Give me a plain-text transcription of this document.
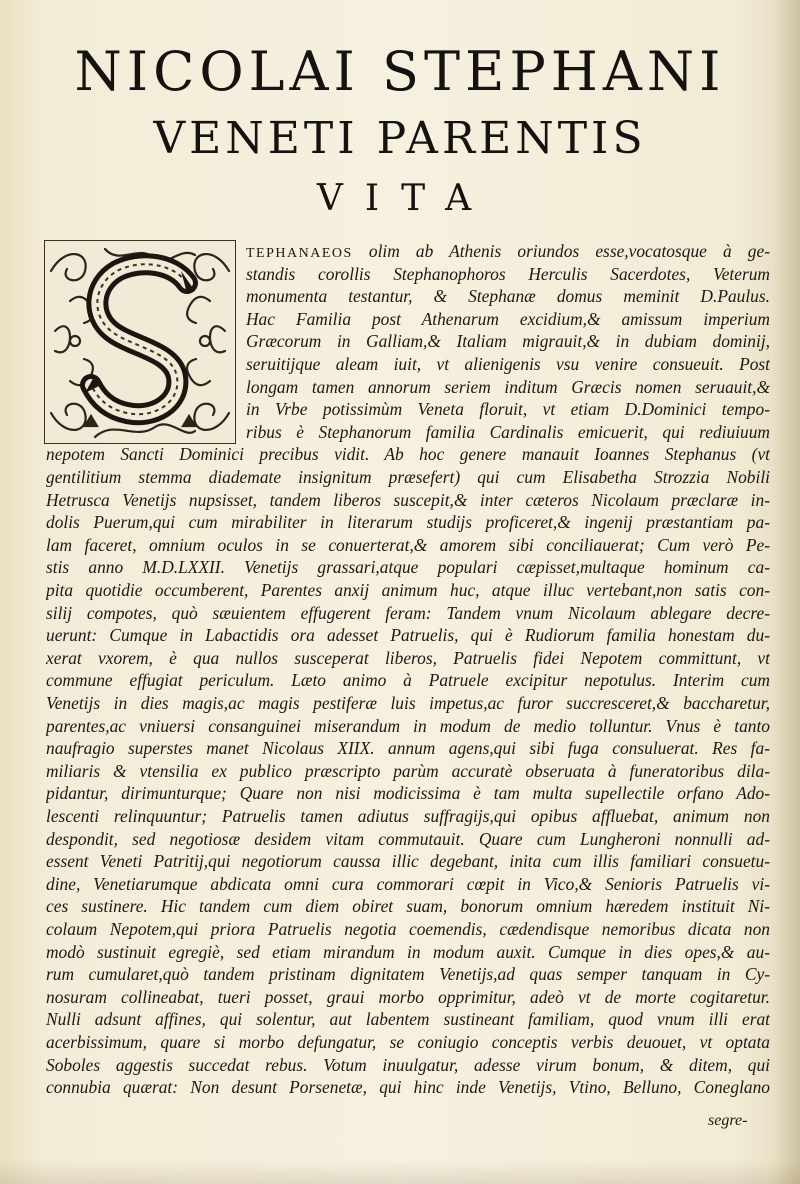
NICOLAI STEPHANI
VENETI PARENTIS
VITA
TEPHANAEOS olim ab Athenis oriundos esse,vocatosque à ge-
standis corollis Stephanophoros Herculis Sacerdotes, Veterum
monumenta testantur, & Stephanæ domus meminit D.Paulus.
Hac Familia post Athenarum excidium,& amissum imperium
Græcorum in Galliam,& Italiam migrauit,& in dubiam dominij,
seruitijque aleam iuit, vt alienigenis vsu venire consueuit. Post
longam tamen annorum seriem inditum Græcis nomen seruauit,&
in Vrbe potissimùm Veneta floruit, vt etiam D.Dominici tempo-
ribus è Stephanorum familia Cardinalis emicuerit, qui rediuiuum
nepotem Sancti Dominici precibus vidit. Ab hoc genere manauit Ioannes Stephanus (vt
gentilitium stemma diademate insignitum præsefert) qui cum Elisabetha Strozzia Nobili
Hetrusca Venetijs nupsisset, tandem liberos suscepit,& inter cæteros Nicolaum præclaræ in-
dolis Puerum,qui cum mirabiliter in literarum studijs proficeret,& ingenij præstantiam pa-
lam faceret, omnium oculos in se conuerterat,& amorem sibi conciliauerat; Cum verò Pe-
stis anno M.D.LXXII. Venetijs grassari,atque populari cæpisset,multaque hominum ca-
pita quotidie occumberent, Parentes anxij animum huc, atque illuc vertebant,non satis con-
silij compotes, quò sæuientem effugerent feram: Tandem vnum Nicolaum ablegare decre-
uerunt: Cumque in Labactidis ora adesset Patruelis, qui è Rudiorum familia honestam du-
xerat vxorem, è qua nullos susceperat liberos, Patruelis fidei Nepotem committunt, vt
commune effugiat periculum. Læto animo à Patruele excipitur nepotulus. Interim cum
Venetijs in dies magis,ac magis pestiferæ luis impetus,ac furor succresceret,& baccharetur,
parentes,ac vniuersi consanguinei miserandum in modum de medio tolluntur. Vnus è tanto
naufragio superstes manet Nicolaus XIIX. annum agens,qui sibi fuga consuluerat. Res fa-
miliaris & vtensilia ex publico præscripto parùm accuratè obseruata à funeratoribus dila-
pidantur, dirimunturque; Quare non nisi modicissima è tam multa supellectile orfano Ado-
lescenti relinquuntur; Patruelis tamen adiutus suffragijs,qui opibus affluebat, animum non
despondit, sed negotiosæ desidem vitam commutauit. Quare cum Lungheroni nonnulli ad-
essent Veneti Patritij,qui negotiorum caussa illic degebant, inita cum illis familiari consuetu-
dine, Venetiarumque abdicata omni cura commorari cœpit in Vico,& Senioris Patruelis vi-
ces sustinere. Hic tandem cum diem obiret suam, bonorum omnium hæredem instituit Ni-
colaum Nepotem,qui priora Patruelis negotia coemendis, cædendisque nemoribus dicata non
modò sustinuit egregiè, sed etiam mirandum in modum auxit. Cumque in dies opes,& au-
rum cumularet,quò tandem pristinam dignitatem Venetijs,ad quas semper tanquam in Cy-
nosuram collineabat, tueri posset, graui morbo opprimitur, adeò vt de morte cogitaretur.
Nulli adsunt affines, qui solentur, aut labentem sustineant familiam, quod vnum illi erat
acerbissimum, quare si morbo defungatur, se coniugio conceptis verbis deuouet, vt optata
Soboles aggestis succedat rebus. Votum inuulgatur, adesse virum bonum, & ditem, qui
connubia quærat: Non desunt Porsenetæ, qui hinc inde Venetijs, Vtino, Belluno, Coneglano
segre-
